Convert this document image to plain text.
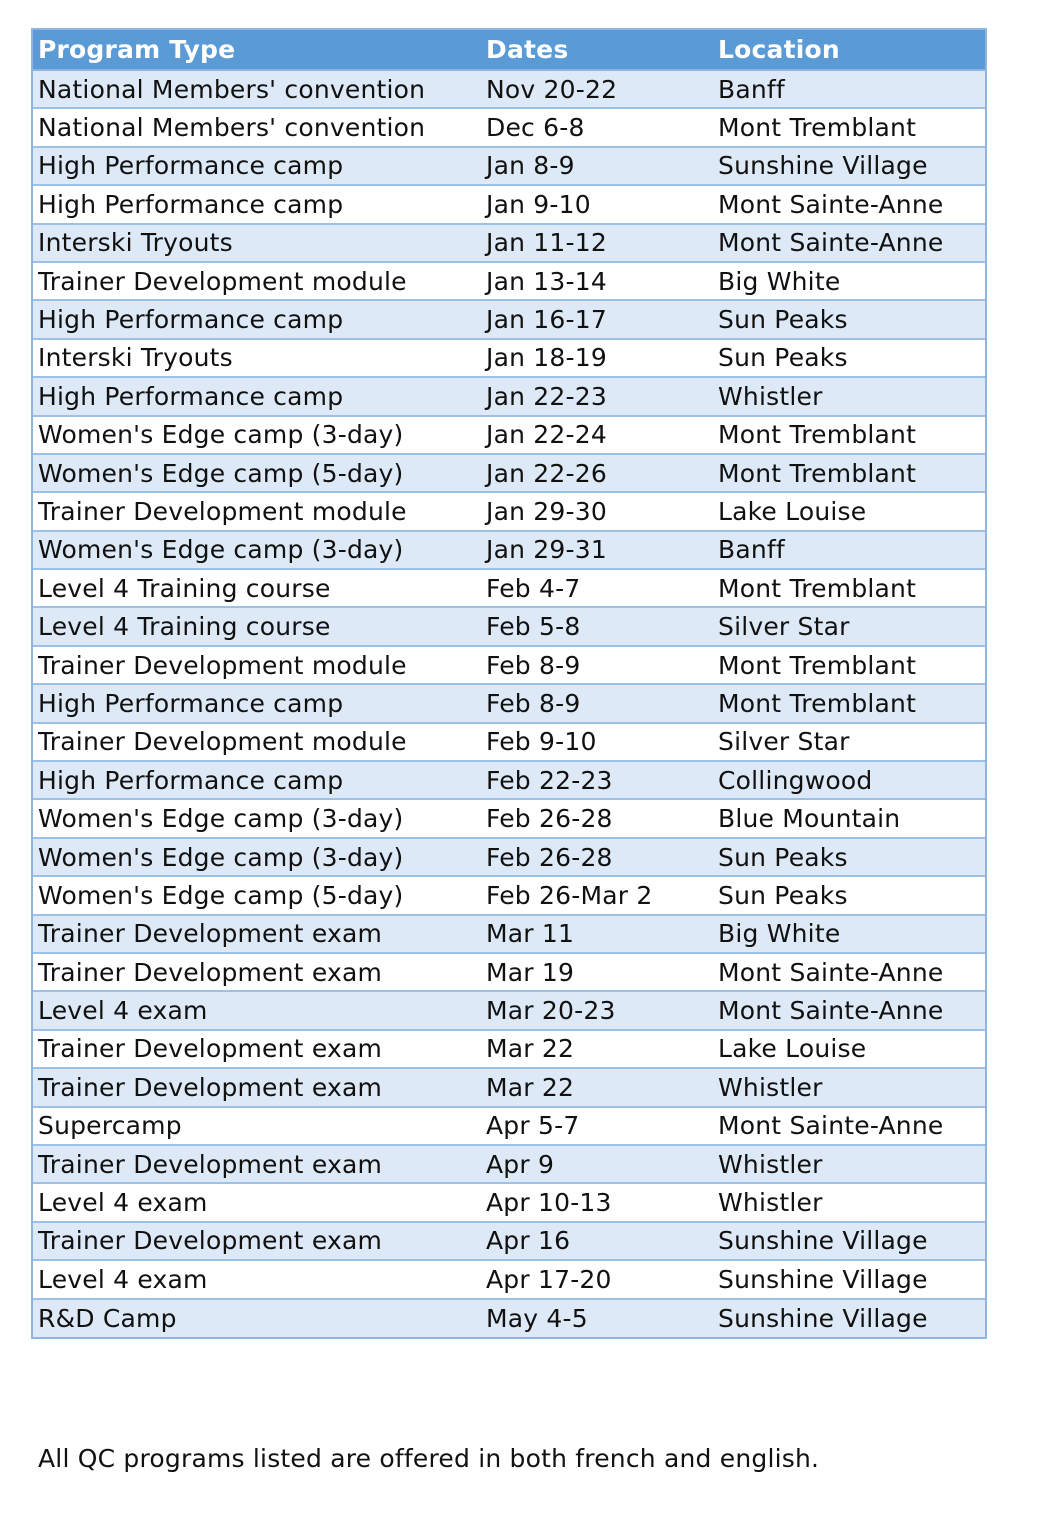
Program Type	Dates	Location
National Members' convention	Nov 20-22	Banff
National Members' convention	Dec 6-8	Mont Tremblant
High Performance camp	Jan 8-9	Sunshine Village
High Performance camp	Jan 9-10	Mont Sainte-Anne
Interski Tryouts	Jan 11-12	Mont Sainte-Anne
Trainer Development module	Jan 13-14	Big White
High Performance camp	Jan 16-17	Sun Peaks
Interski Tryouts	Jan 18-19	Sun Peaks
High Performance camp	Jan 22-23	Whistler
Women's Edge camp (3-day)	Jan 22-24	Mont Tremblant
Women's Edge camp (5-day)	Jan 22-26	Mont Tremblant
Trainer Development module	Jan 29-30	Lake Louise
Women's Edge camp (3-day)	Jan 29-31	Banff
Level 4 Training course	Feb 4-7	Mont Tremblant
Level 4 Training course	Feb 5-8	Silver Star
Trainer Development module	Feb 8-9	Mont Tremblant
High Performance camp	Feb 8-9	Mont Tremblant
Trainer Development module	Feb 9-10	Silver Star
High Performance camp	Feb 22-23	Collingwood
Women's Edge camp (3-day)	Feb 26-28	Blue Mountain
Women's Edge camp (3-day)	Feb 26-28	Sun Peaks
Women's Edge camp (5-day)	Feb 26-Mar 2	Sun Peaks
Trainer Development exam	Mar 11	Big White
Trainer Development exam	Mar 19	Mont Sainte-Anne
Level 4 exam	Mar 20-23	Mont Sainte-Anne
Trainer Development exam	Mar 22	Lake Louise
Trainer Development exam	Mar 22	Whistler
Supercamp	Apr 5-7	Mont Sainte-Anne
Trainer Development exam	Apr 9	Whistler
Level 4 exam	Apr 10-13	Whistler
Trainer Development exam	Apr 16	Sunshine Village
Level 4 exam	Apr 17-20	Sunshine Village
R&D Camp	May 4-5	Sunshine Village
All QC programs listed are offered in both french and english.
